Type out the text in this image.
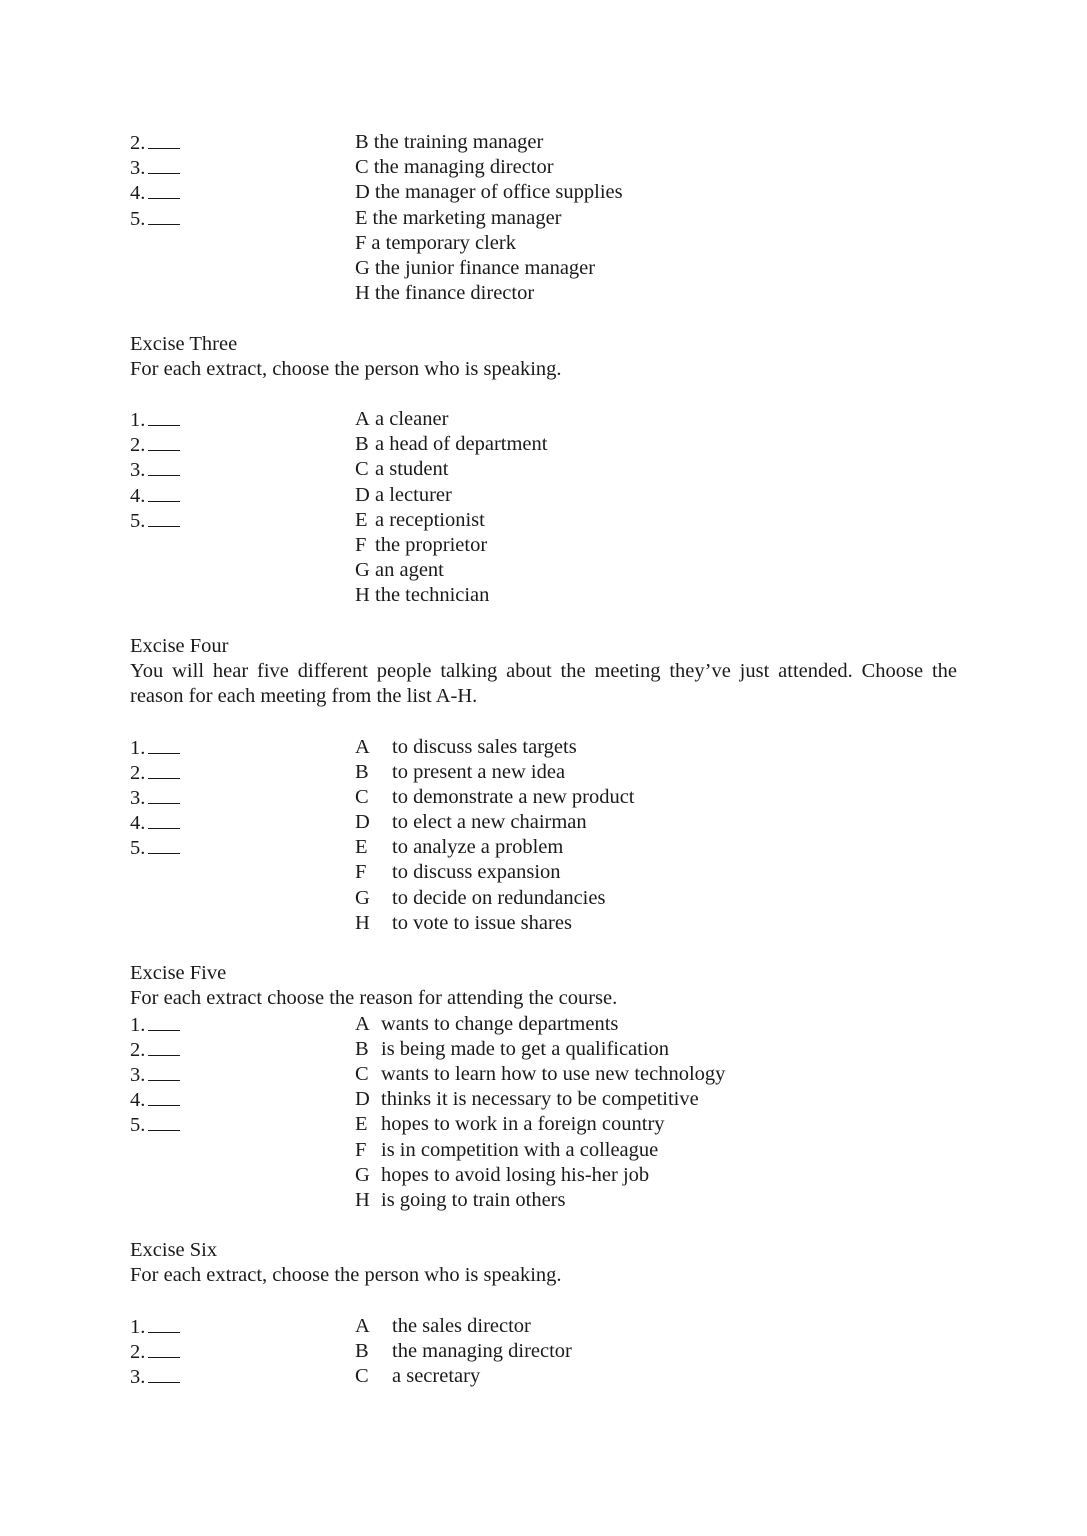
2.	B the training manager
3.	C the managing director
4.	D the manager of office supplies
5.	E the marketing manager
F a temporary clerk
G the junior finance manager
H the finance director
Excise Three
For each extract, choose the person who is speaking.
1.	A a cleaner
2.	B a head of department
3.	C a student
4.	D a lecturer
5.	E a receptionist
F the proprietor
G an agent
H the technician
Excise Four
You will hear five different people talking about the meeting they’ve just attended. Choose the reason for each meeting from the list A-H.
1.	A to discuss sales targets
2.	B to present a new idea
3.	C to demonstrate a new product
4.	D to elect a new chairman
5.	E to analyze a problem
F to discuss expansion
G to decide on redundancies
H to vote to issue shares
Excise Five
For each extract choose the reason for attending the course.
1.	A wants to change departments
2.	B is being made to get a qualification
3.	C wants to learn how to use new technology
4.	D thinks it is necessary to be competitive
5.	E hopes to work in a foreign country
F is in competition with a colleague
G hopes to avoid losing his-her job
H is going to train others
Excise Six
For each extract, choose the person who is speaking.
1.	A the sales director
2.	B the managing director
3.	C a secretary
